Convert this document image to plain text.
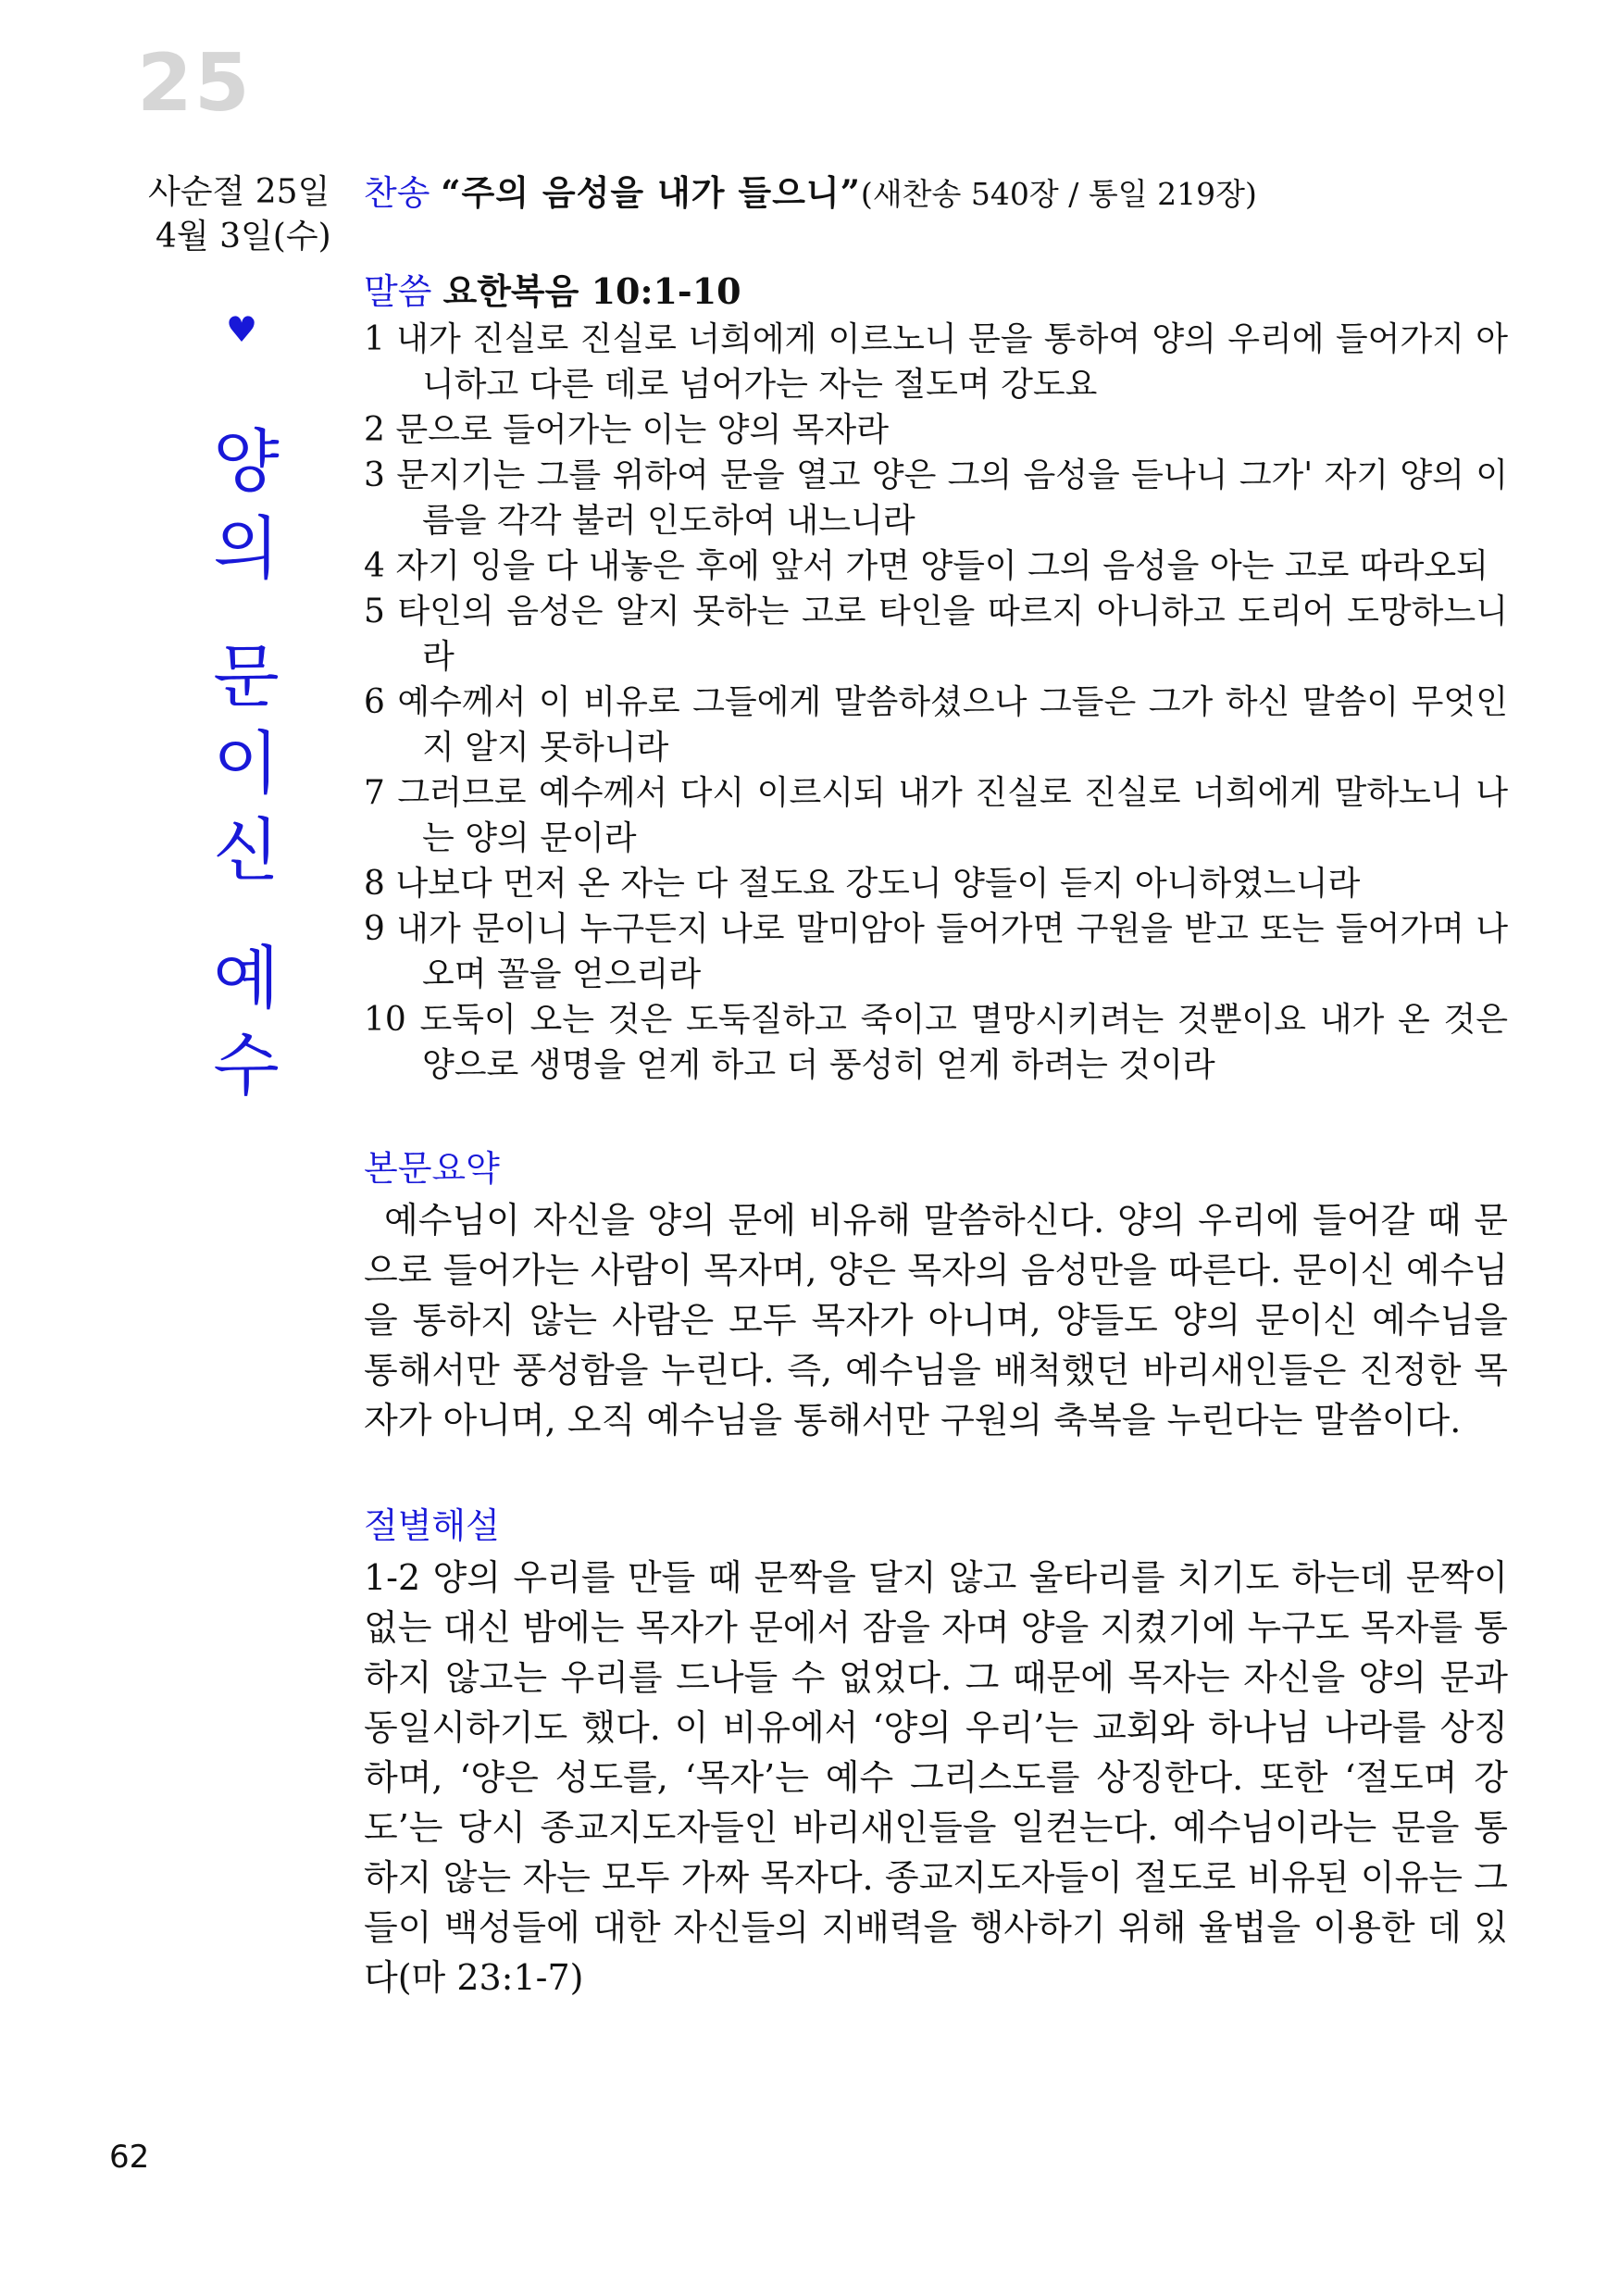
25
사순절 25일
4월 3일(수)
찬송 “주의 음성을 내가 들으니”(새찬송 540장 / 통일 219장)
♥
양
의
문
이
신
예
수
말씀 요한복음 10:1-10
1 내가 진실로 진실로 너희에게 이르노니 문을 통하여 양의 우리에 들어가지 아니하고 다른 데로 넘어가는 자는 절도며 강도요
2 문으로 들어가는 이는 양의 목자라
3 문지기는 그를 위하여 문을 열고 양은 그의 음성을 듣나니 그가' 자기 양의 이름을 각각 불러 인도하여 내느니라
4 자기 잉을 다 내놓은 후에 앞서 가면 양들이 그의 음성을 아는 고로 따라오되
5 타인의 음성은 알지 못하는 고로 타인을 따르지 아니하고 도리어 도망하느니라
6 예수께서 이 비유로 그들에게 말씀하셨으나 그들은 그가 하신 말씀이 무엇인지 알지 못하니라
7 그러므로 예수께서 다시 이르시되 내가 진실로 진실로 너희에게 말하노니 나는 양의 문이라
8 나보다 먼저 온 자는 다 절도요 강도니 양들이 듣지 아니하였느니라
9 내가 문이니 누구든지 나로 말미암아 들어가면 구원을 받고 또는 들어가며 나오며 꼴을 얻으리라
10 도둑이 오는 것은 도둑질하고 죽이고 멸망시키려는 것뿐이요 내가 온 것은 양으로 생명을 얻게 하고 더 풍성히 얻게 하려는 것이라
본문요약
예수님이 자신을 양의 문에 비유해 말씀하신다. 양의 우리에 들어갈 때 문으로 들어가는 사람이 목자며, 양은 목자의 음성만을 따른다. 문이신 예수님을 통하지 않는 사람은 모두 목자가 아니며, 양들도 양의 문이신 예수님을 통해서만 풍성함을 누린다. 즉, 예수님을 배척했던 바리새인들은 진정한 목자가 아니며, 오직 예수님을 통해서만 구원의 축복을 누린다는 말씀이다.
절별해설
1-2 양의 우리를 만들 때 문짝을 달지 않고 울타리를 치기도 하는데 문짝이 없는 대신 밤에는 목자가 문에서 잠을 자며 양을 지켰기에 누구도 목자를 통하지 않고는 우리를 드나들 수 없었다. 그 때문에 목자는 자신을 양의 문과 동일시하기도 했다. 이 비유에서 ‘양의 우리’는 교회와 하나님 나라를 상징하며, ‘양은 성도를, ‘목자’는 예수 그리스도를 상징한다. 또한 ‘절도며 강도’는 당시 종교지도자들인 바리새인들을 일컫는다. 예수님이라는 문을 통하지 않는 자는 모두 가짜 목자다. 종교지도자들이 절도로 비유된 이유는 그들이 백성들에 대한 자신들의 지배력을 행사하기 위해 율법을 이용한 데 있다(마 23:1-7)
62
